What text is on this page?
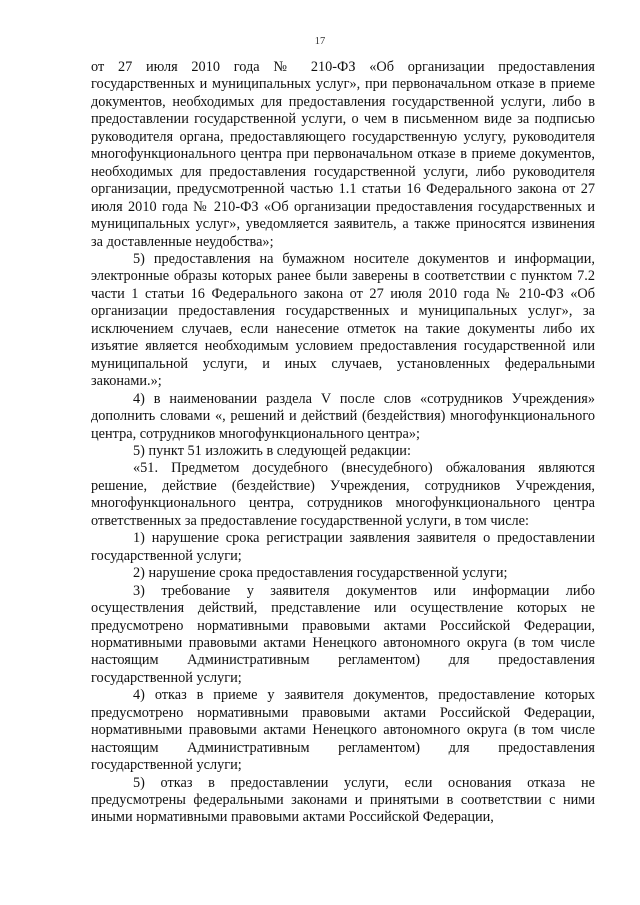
17

от 27 июля 2010 года № 210-ФЗ «Об организации предоставления государственных и муниципальных услуг», при первоначальном отказе в приеме документов, необходимых для предоставления государственной услуги, либо в предоставлении государственной услуги, о чем в письменном виде за подписью руководителя органа, предоставляющего государственную услугу, руководителя многофункционального центра при первоначальном отказе в приеме документов, необходимых для предоставления государственной услуги, либо руководителя организации, предусмотренной частью 1.1 статьи 16 Федерального закона от 27 июля 2010 года № 210-ФЗ «Об организации предоставления государственных и муниципальных услуг», уведомляется заявитель, а также приносятся извинения за доставленные неудобства»;

5) предоставления на бумажном носителе документов и информации, электронные образы которых ранее были заверены в соответствии с пунктом 7.2 части 1 статьи 16 Федерального закона от 27 июля 2010 года № 210-ФЗ «Об организации предоставления государственных и муниципальных услуг», за исключением случаев, если нанесение отметок на такие документы либо их изъятие является необходимым условием предоставления государственной или муниципальной услуги, и иных случаев, установленных федеральными законами.»;

4) в наименовании раздела V после слов «сотрудников Учреждения» дополнить словами «, решений и действий (бездействия) многофункционального центра, сотрудников многофункционального центра»;

5) пункт 51 изложить в следующей редакции:

«51. Предметом досудебного (внесудебного) обжалования являются решение, действие (бездействие) Учреждения, сотрудников Учреждения, многофункционального центра, сотрудников многофункционального центра ответственных за предоставление государственной услуги, в том числе:

1) нарушение срока регистрации заявления заявителя о предоставлении государственной услуги;

2) нарушение срока предоставления государственной услуги;

3) требование у заявителя документов или информации либо осуществления действий, представление или осуществление которых не предусмотрено нормативными правовыми актами Российской Федерации, нормативными правовыми актами Ненецкого автономного округа (в том числе настоящим Административным регламентом) для предоставления государственной услуги;

4) отказ в приеме у заявителя документов, предоставление которых предусмотрено нормативными правовыми актами Российской Федерации, нормативными правовыми актами Ненецкого автономного округа (в том числе настоящим Административным регламентом) для предоставления государственной услуги;

5) отказ в предоставлении услуги, если основания отказа не предусмотрены федеральными законами и принятыми в соответствии с ними иными нормативными правовыми актами Российской Федерации,
